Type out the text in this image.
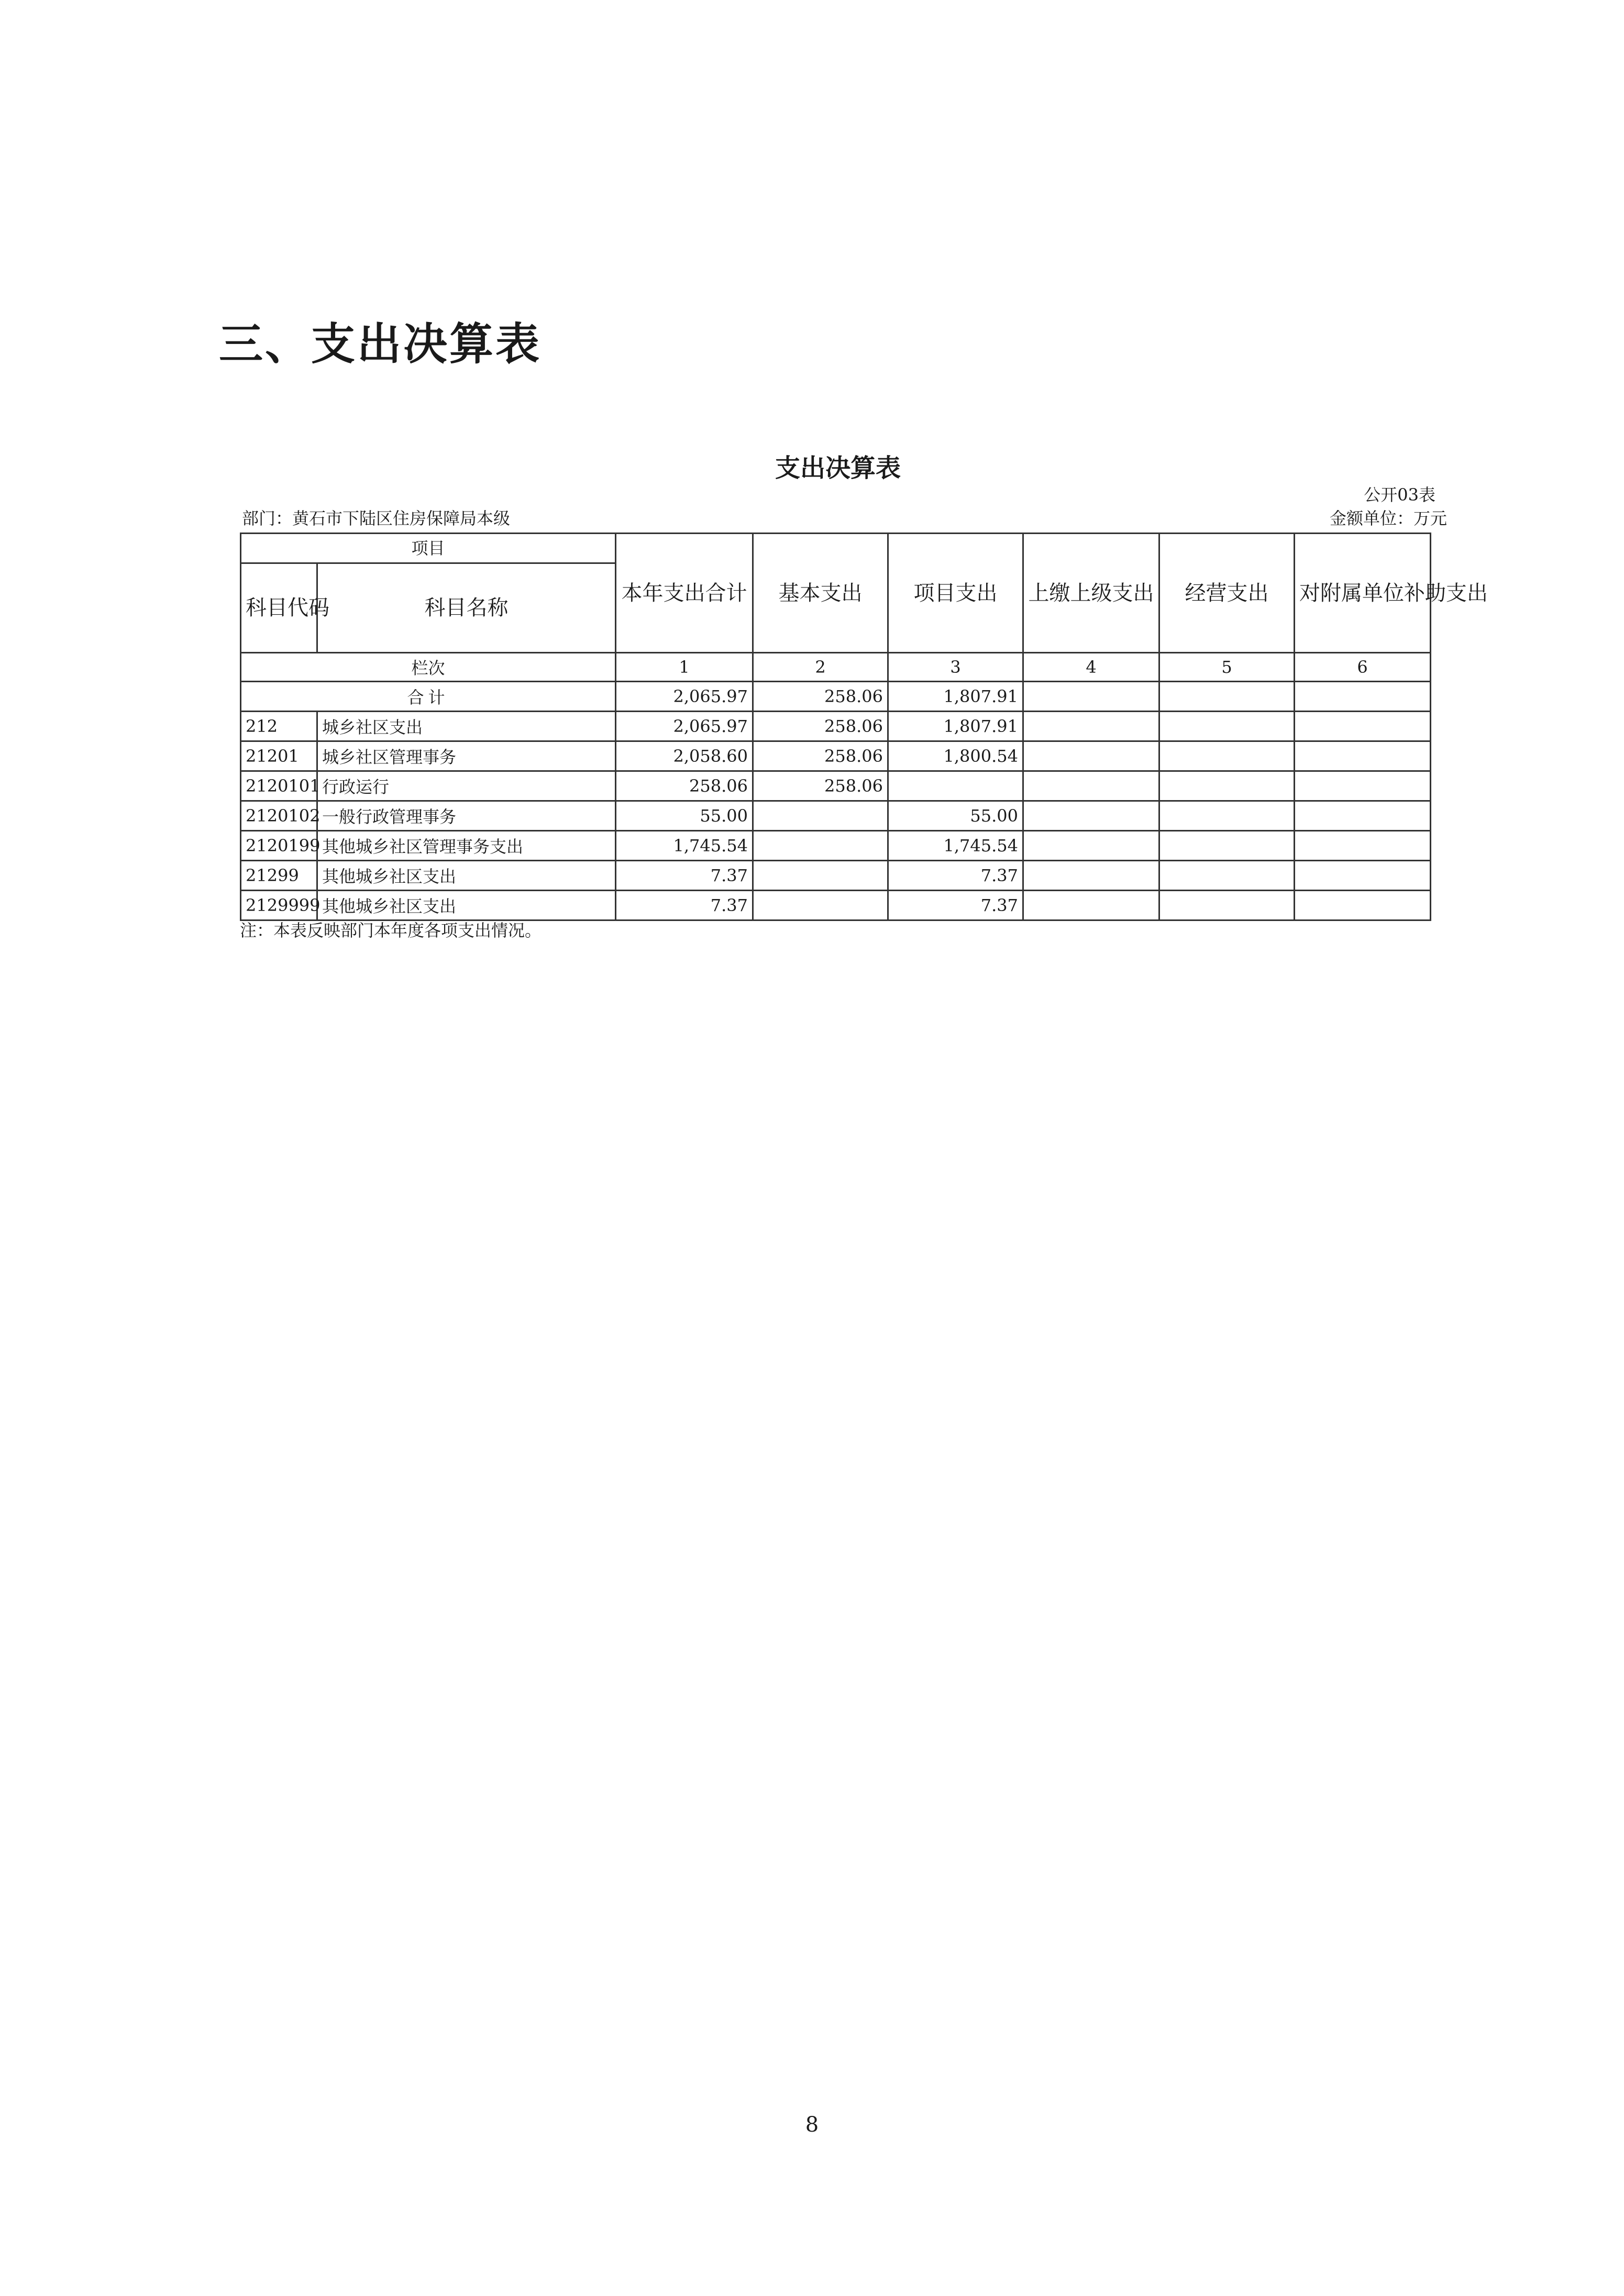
三、支出决算表
支出决算表
公开03表
部门：黄石市下陆区住房保障局本级	金额单位：万元
项目		本年支出合计	基本支出	项目支出	上缴上级支出	经营支出	对附属单位补助支出
科目代码	科目名称						
栏次		1	2	3	4	5	6
合计		2,065.97	258.06	1,807.91			
212	城乡社区支出	2,065.97	258.06	1,807.91			
21201	城乡社区管理事务	2,058.60	258.06	1,800.54			
2120101	行政运行	258.06	258.06				
2120102	一般行政管理事务	55.00		55.00			
2120199	其他城乡社区管理事务支出	1,745.54		1,745.54			
21299	其他城乡社区支出	7.37		7.37			
2129999	其他城乡社区支出	7.37		7.37			
注：本表反映部门本年度各项支出情况。
8
